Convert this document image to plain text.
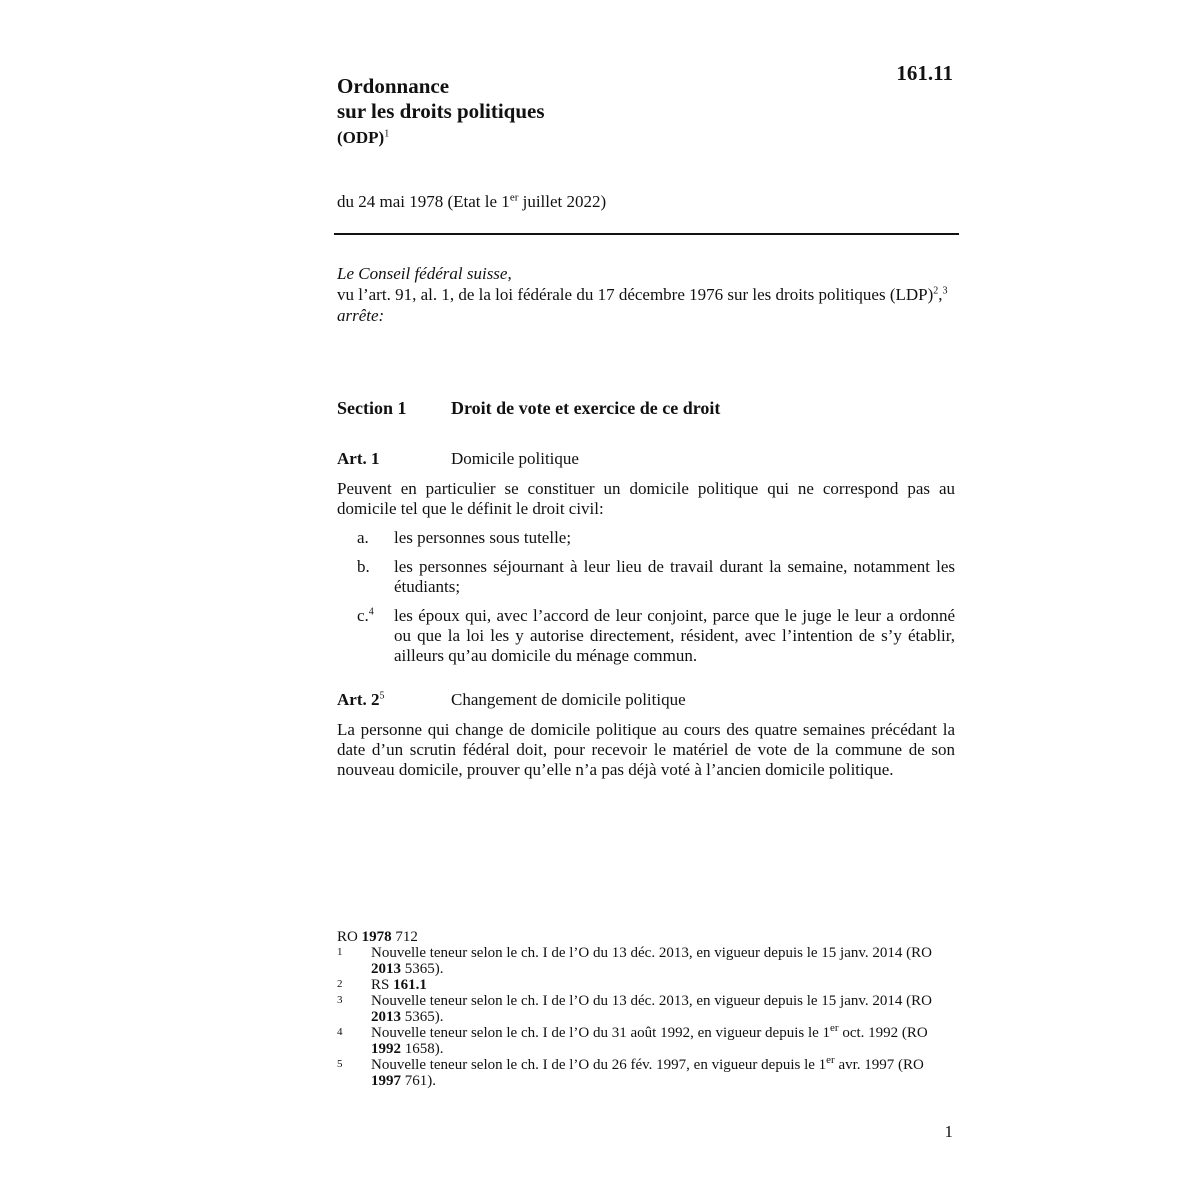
161.11
Ordonnance
sur les droits politiques
(ODP)$^1$
du 24 mai 1978 (Etat le 1er juillet 2022)
Le Conseil fédéral suisse,
vu l’art. 91, al. 1, de la loi fédérale du 17 décembre 1976 sur les droits politiques (LDP)$^2$,$^3$
arrête:
Section 1 Droit de vote et exercice de ce droit
Art. 1	Domicile politique

Peuvent en particulier se constituer un domicile politique qui ne correspond pas au domicile tel que le définit le droit civil:

a.	les personnes sous tutelle;
b.	les personnes séjournant à leur lieu de travail durant la semaine, notamment les étudiants;
c.$^4$	les époux qui, avec l’accord de leur conjoint, parce que le juge le leur a ordonné ou que la loi les y autorise directement, résident, avec l’intention de s’y établir, ailleurs qu’au domicile du ménage commun.
Art. 2$^5$	Changement de domicile politique

La personne qui change de domicile politique au cours des quatre semaines précédant la date d’un scrutin fédéral doit, pour recevoir le matériel de vote de la commune de son nouveau domicile, prouver qu’elle n’a pas déjà voté à l’ancien domicile politique.

RO 1978 712
1	Nouvelle teneur selon le ch. I de l’O du 13 déc. 2013, en vigueur depuis le 15 janv. 2014 (RO 2013 5365).
2	RS 161.1
3	Nouvelle teneur selon le ch. I de l’O du 13 déc. 2013, en vigueur depuis le 15 janv. 2014 (RO 2013 5365).
4	Nouvelle teneur selon le ch. I de l’O du 31 août 1992, en vigueur depuis le 1er oct. 1992 (RO 1992 1658).
5	Nouvelle teneur selon le ch. I de l’O du 26 fév. 1997, en vigueur depuis le 1er avr. 1997 (RO 1997 761).
1
